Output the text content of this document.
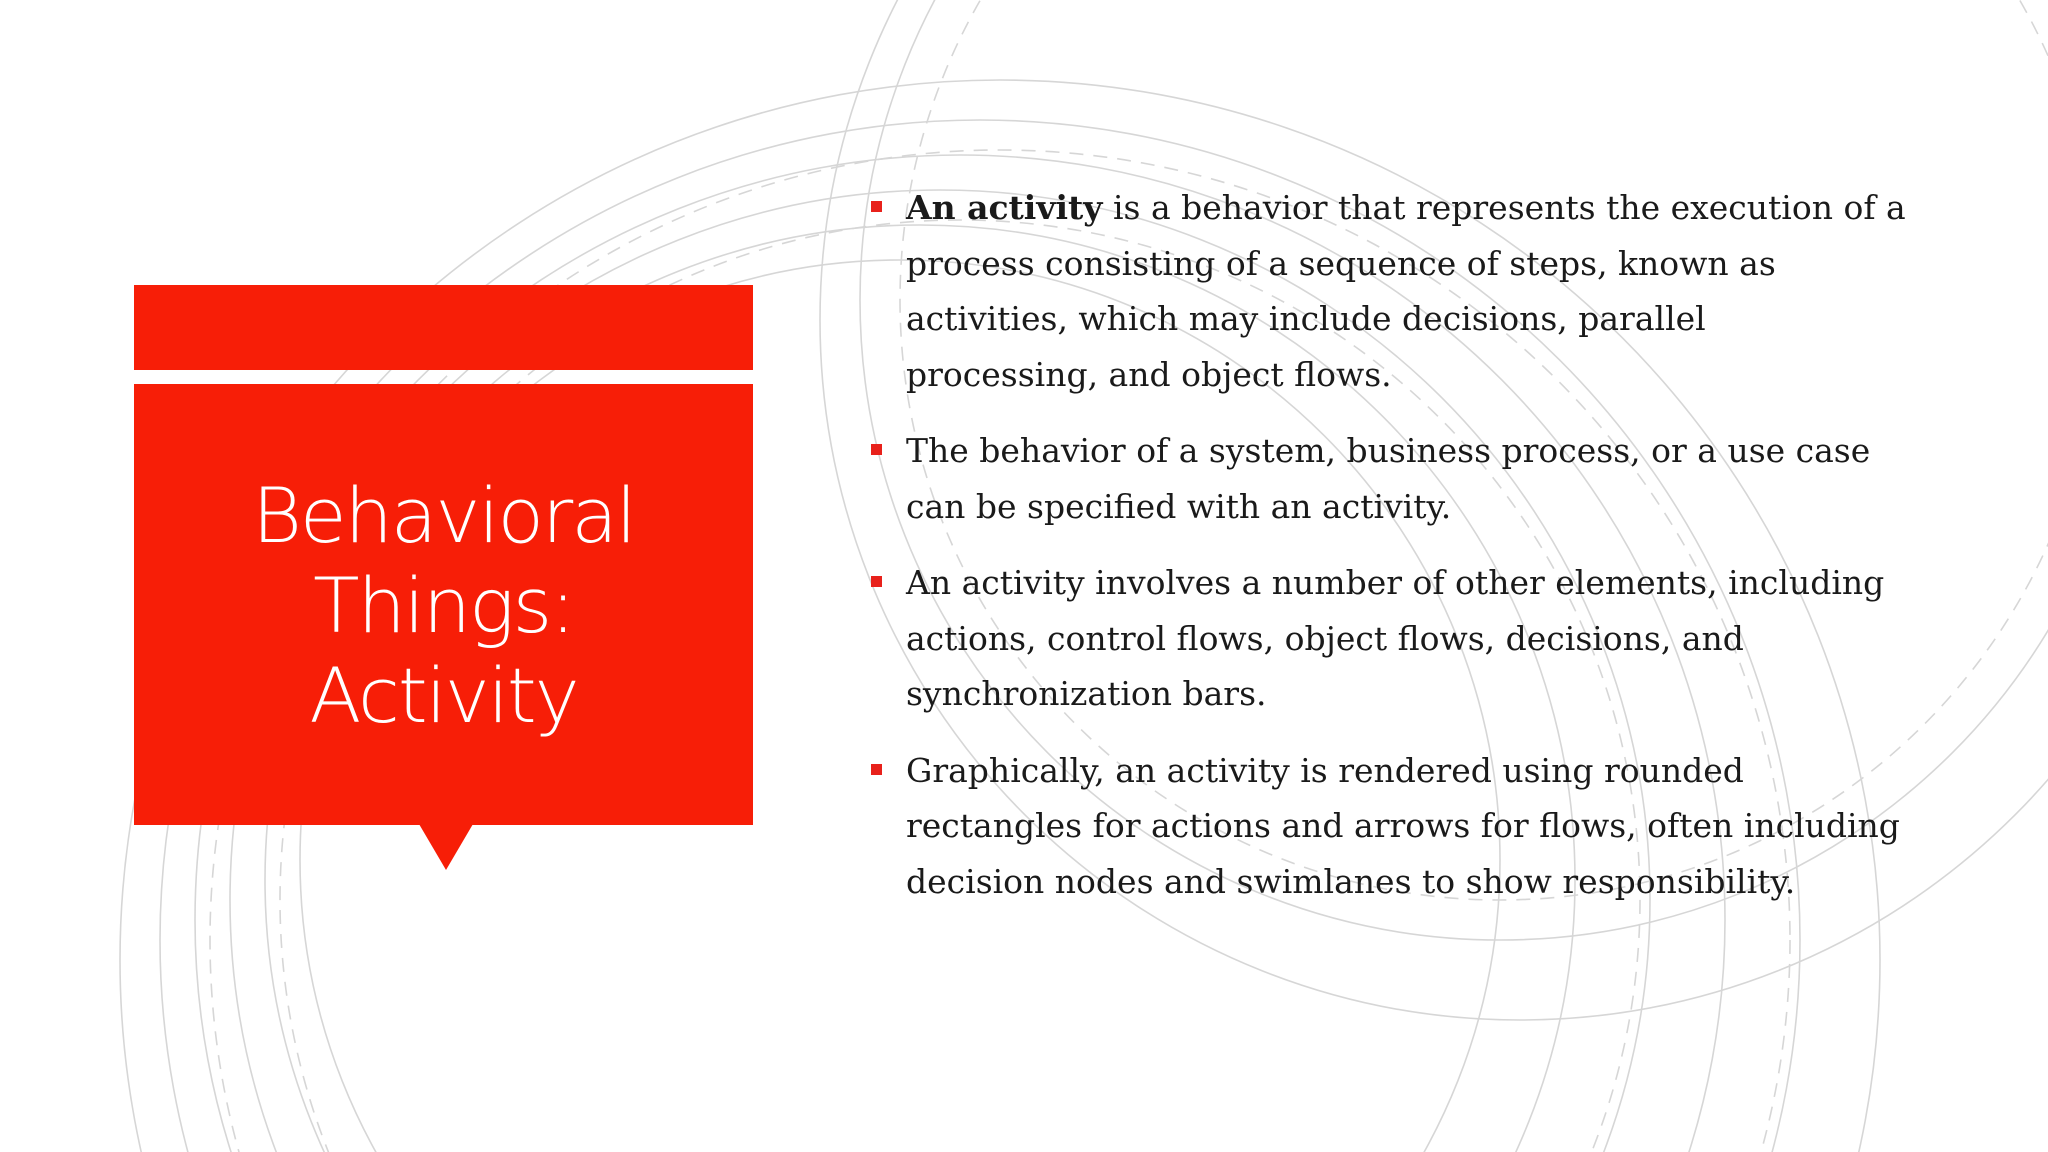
Behavioral
Things: Activity
An activity is a behavior that represents the execution of a process consisting of a sequence of steps, known as activities, which may include decisions, parallel processing, and object flows.
The behavior of a system, business process, or a use case can be specified with an activity.
An activity involves a number of other elements, including actions, control flows, object flows, decisions, and synchronization bars.
Graphically, an activity is rendered using rounded rectangles for actions and arrows for flows, often including decision nodes and swimlanes to show responsibility.
